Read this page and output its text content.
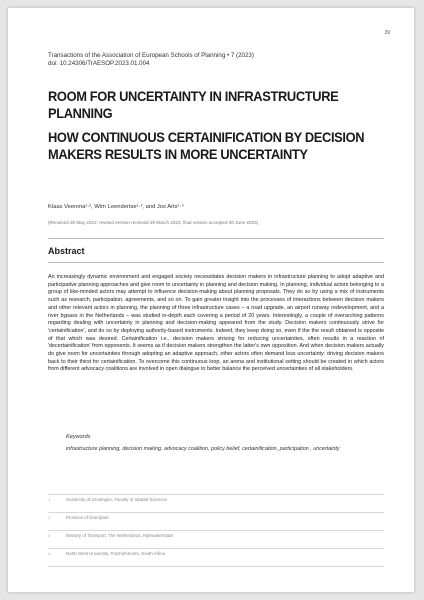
39
Transactions of the Association of European Schools of Planning • 7 (2023)
doi: 10.24306/TrAESOP.2023.01.004
ROOM FOR UNCERTAINTY IN INFRASTRUCTURE PLANNING
HOW CONTINUOUS CERTAINIFICATION BY DECISION MAKERS RESULTS IN MORE UNCERTAINTY
Klaas Veenma¹·², Wim Leendertse¹·³, and Jos Arts¹·⁴
(Received 30 May 2022; revised version received 29 March 2023, final version accepted 30 June 2023)
Abstract
An increasingly dynamic environment and engaged society necessitates decision makers in infrastructure planning to adopt adaptive and participative planning approaches and give room to uncertainty in planning and decision making. In planning, individual actors belonging to a group of like-minded actors may attempt to influence decision-making about planning proposals. They do so by using a mix of instruments such as research, participation, agreements, and so on. To gain greater insight into the processes of interactions between decision makers and other relevant actors in planning, the planning of three infrastructure cases – a road upgrade, an airport runway redevelopment, and a river bypass in the Netherlands – was studied in-depth each covering a period of 20 years. Interestingly, a couple of overarching patterns regarding dealing with uncertainty in planning and decision-making appeared from the study. Decision makers continuously strive for 'certainification', and do so by deploying authority-based instruments. Indeed, they keep doing so, even if the the result obtained is opposite of that which was desired. Certainification i.e., decision makers striving for reducing uncertainties, often results in a reaction of 'decertainification' from opponents. It seems as if decision makers strengthen the latter's own opposition. And when decision makers actually do give room for uncertainties through adopting an adaptive approach, other actors often demand less uncertainty: driving decision makers back to their thirst for certainification. To overcome this continuous loop, an arena and institutional setting should be created in which actors from different advocacy coalitions are involved in open dialogue to better balance the perceived uncertainties of all stakeholders.
Keywords
infrastructure planning, decision making, advocacy coalition, policy belief, certainification, participation , uncertainty
1	University of Groningen, Faculty of Spatial Sciences
2	Province of Overijssel
3	Ministry of Transport, The Netherlands, Rijkswaterstaat
4	North West University, Potchefstroom, South Africa
